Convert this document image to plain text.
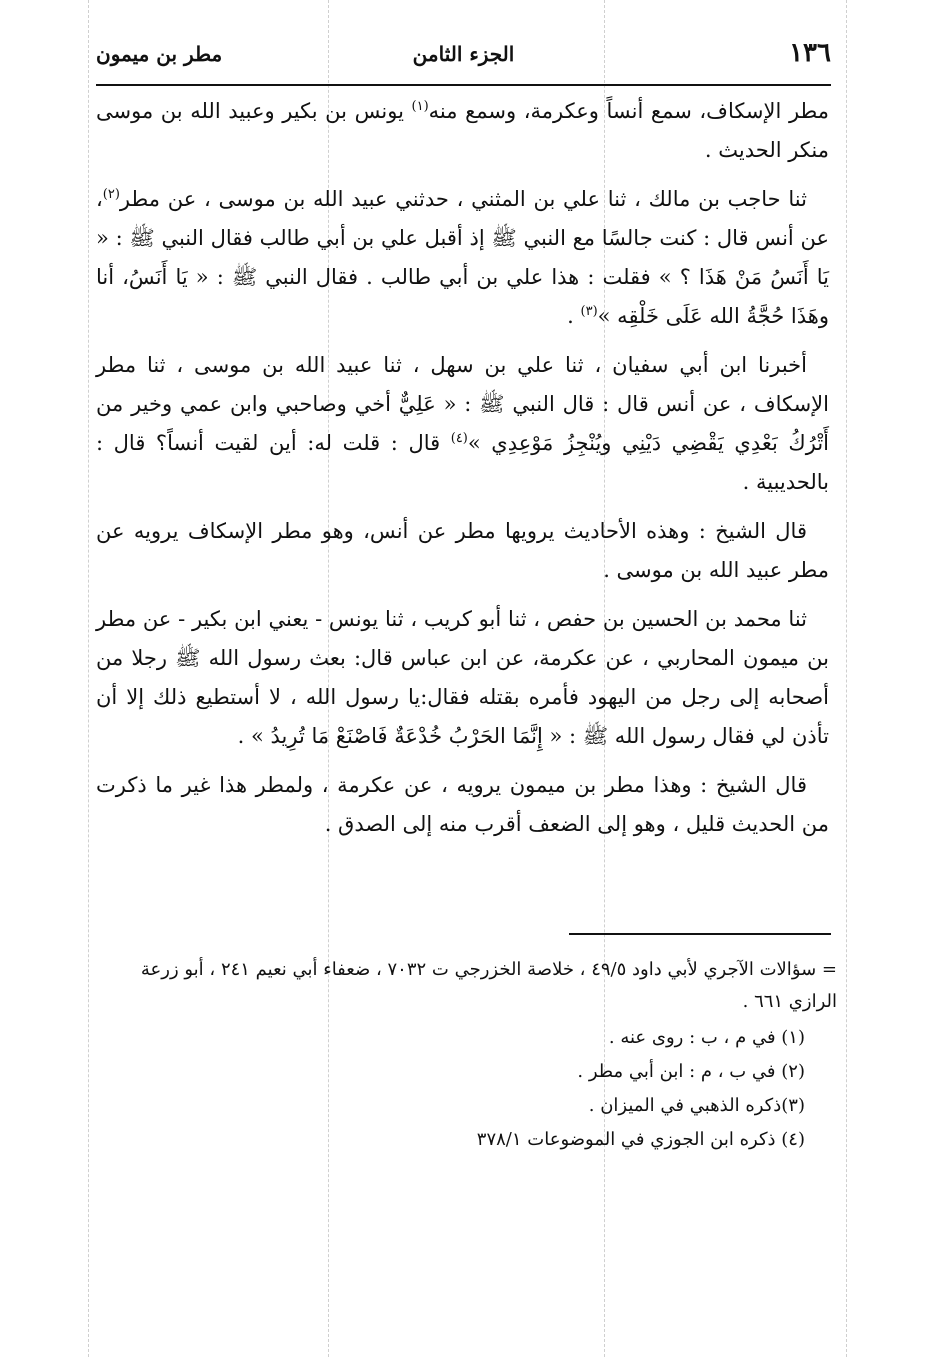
١٣٦
الجزء الثامن
مطر بن ميمون

مطر الإسكاف، سمع أنساً وعكرمة، وسمع منه$^{(١)}$ يونس بن بكير وعبيد الله بن موسى منكر الحديث .

ثنا حاجب بن مالك ، ثنا علي بن المثني ، حدثني عبيد الله بن موسى ، عن مطر$^{(٢)}$، عن أنس قال : كنت جالسًا مع النبي ﷺ إذ أقبل علي بن أبي طالب فقال النبي ﷺ : « يَا أَنَسُ مَنْ هَذَا ؟ » فقلت : هذا علي بن أبي طالب . فقال النبي ﷺ : « يَا أَنَسُ، أنا وهَذَا حُجَّةُ الله عَلَى خَلْقِه »$^{(٣)}$ .

أخبرنا ابن أبي سفيان ، ثنا علي بن سهل ، ثنا عبيد الله بن موسى ، ثنا مطر الإسكاف ، عن أنس قال : قال النبي ﷺ : « عَلِيٌّ أخي وصاحبي وابن عمي وخير من أَتْرُكُ بَعْدِي يَقْضِي دَيْنِي ويُنْجِزُ مَوْعِدِي »$^{(٤)}$ قال : قلت له: أين لقيت أنساً؟ قال : بالحديبية .

قال الشيخ : وهذه الأحاديث يرويها مطر عن أنس، وهو مطر الإسكاف يرويه عن مطر عبيد الله بن موسى .

ثنا محمد بن الحسين بن حفص ، ثنا أبو كريب ، ثنا يونس - يعني ابن بكير - عن مطر بن ميمون المحاربي ، عن عكرمة، عن ابن عباس قال: بعث رسول الله ﷺ رجلا من أصحابه إلى رجل من اليهود فأمره بقتله فقال:يا رسول الله ، لا أستطيع ذلك إلا أن تأذن لي فقال رسول الله ﷺ : « إِنَّمَا الحَرْبُ خُدْعَةٌ فَاصْنَعْ مَا تُرِيدُ » .

قال الشيخ : وهذا مطر بن ميمون يرويه ، عن عكرمة ، ولمطر هذا غير ما ذكرت من الحديث قليل ، وهو إلى الضعف أقرب منه إلى الصدق .

= سؤالات الآجري لأبي داود ٤٩/٥ ، خلاصة الخزرجي ت ٧٠٣٢ ، ضعفاء أبي نعيم ٢٤١ ، أبو زرعة الرازي ٦٦١ .

(١) في م ، ب : روى عنه .

(٢) في ب ، م : ابن أبي مطر .

(٣)ذكره الذهبي في الميزان .

(٤) ذكره ابن الجوزي في الموضوعات ٣٧٨/١
